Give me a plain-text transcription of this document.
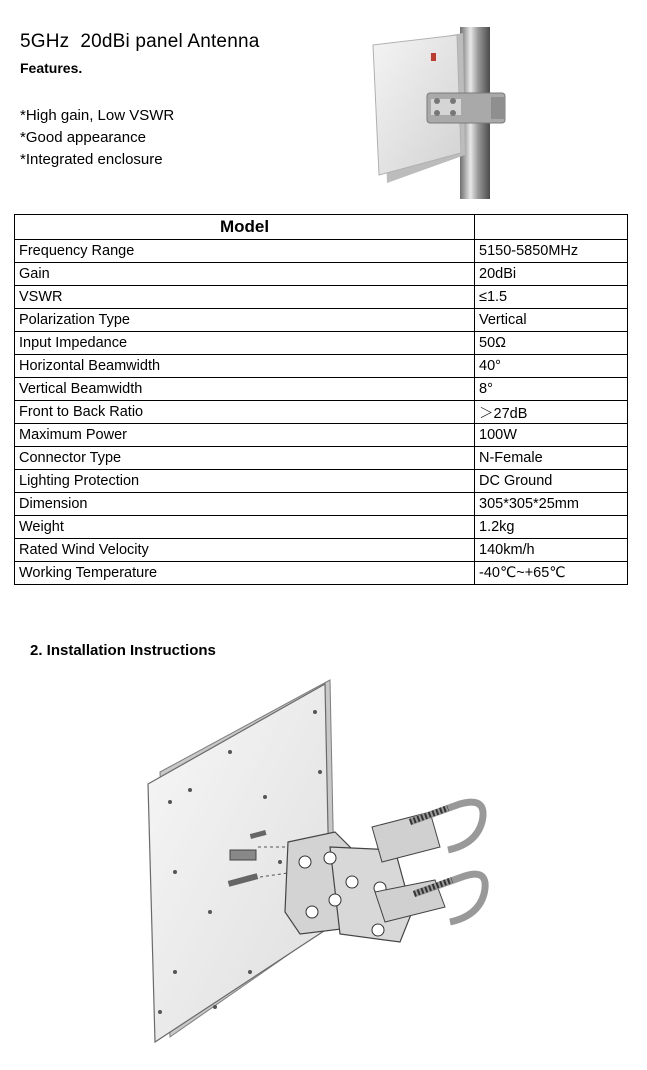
5GHz  20dBi panel Antenna
Features.
*High gain, Low VSWR
*Good appearance
*Integrated enclosure
Model	
Frequency Range	5150-5850MHz
Gain	20dBi
VSWR	≤1.5
Polarization Type	Vertical
Input Impedance	50Ω
Horizontal Beamwidth	40°
Vertical Beamwidth	8°
Front to Back Ratio	＞27dB
Maximum Power	100W
Connector Type	N-Female
Lighting Protection	DC Ground
Dimension	305*305*25mm
Weight	1.2kg
Rated Wind Velocity	140km/h
Working Temperature	-40℃~+65℃
2. Installation Instructions
